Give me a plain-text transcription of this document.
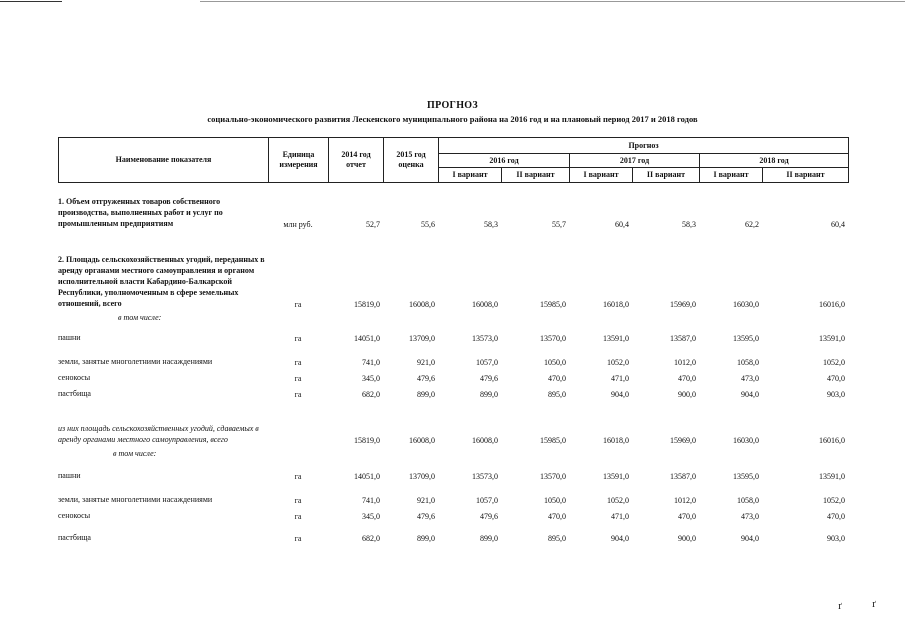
ПРОГНОЗ
социально-экономического развития Лескенского муниципального района на 2016 год и на плановый период 2017 и 2018 годов
Наименование показателя	Единица измерения	2014 год отчет	2015 год оценка	Прогноз					
				2016 год		2017 год		2018 год	
				I вариант	II вариант	I вариант	II вариант	I вариант	II вариант
1. Объем отгруженных товаров собственного производства, выполненных работ и услуг по промышленным предприятиям	млн руб.	52,7	55,6	58,3	55,7	60,4	58,3	62,2	60,4
2. Площадь сельскохозяйственных угодий, переданных в аренду органами местного самоуправления и органом исполнительной власти Кабардино-Балкарской Республики, уполномоченным в сфере земельных отношений, всего	га	15819,0	16008,0	16008,0	15985,0	16018,0	15969,0	16030,0	16016,0
в том числе:									
пашни	га	14051,0	13709,0	13573,0	13570,0	13591,0	13587,0	13595,0	13591,0
земли, занятые многолетними насаждениями	га	741,0	921,0	1057,0	1050,0	1052,0	1012,0	1058,0	1052,0
сенокосы	га	345,0	479,6	479,6	470,0	471,0	470,0	473,0	470,0
пастбища	га	682,0	899,0	899,0	895,0	904,0	900,0	904,0	903,0
из них площадь сельскохозяйственных угодий, сдаваемых в аренду органами местного самоуправления, всего		15819,0	16008,0	16008,0	15985,0	16018,0	15969,0	16030,0	16016,0
в том числе:									
пашни	га	14051,0	13709,0	13573,0	13570,0	13591,0	13587,0	13595,0	13591,0
земли, занятые многолетними насаждениями	га	741,0	921,0	1057,0	1050,0	1052,0	1012,0	1058,0	1052,0
сенокосы	га	345,0	479,6	479,6	470,0	471,0	470,0	473,0	470,0
пастбища	га	682,0	899,0	899,0	895,0	904,0	900,0	904,0	903,0
ґ	ґ
